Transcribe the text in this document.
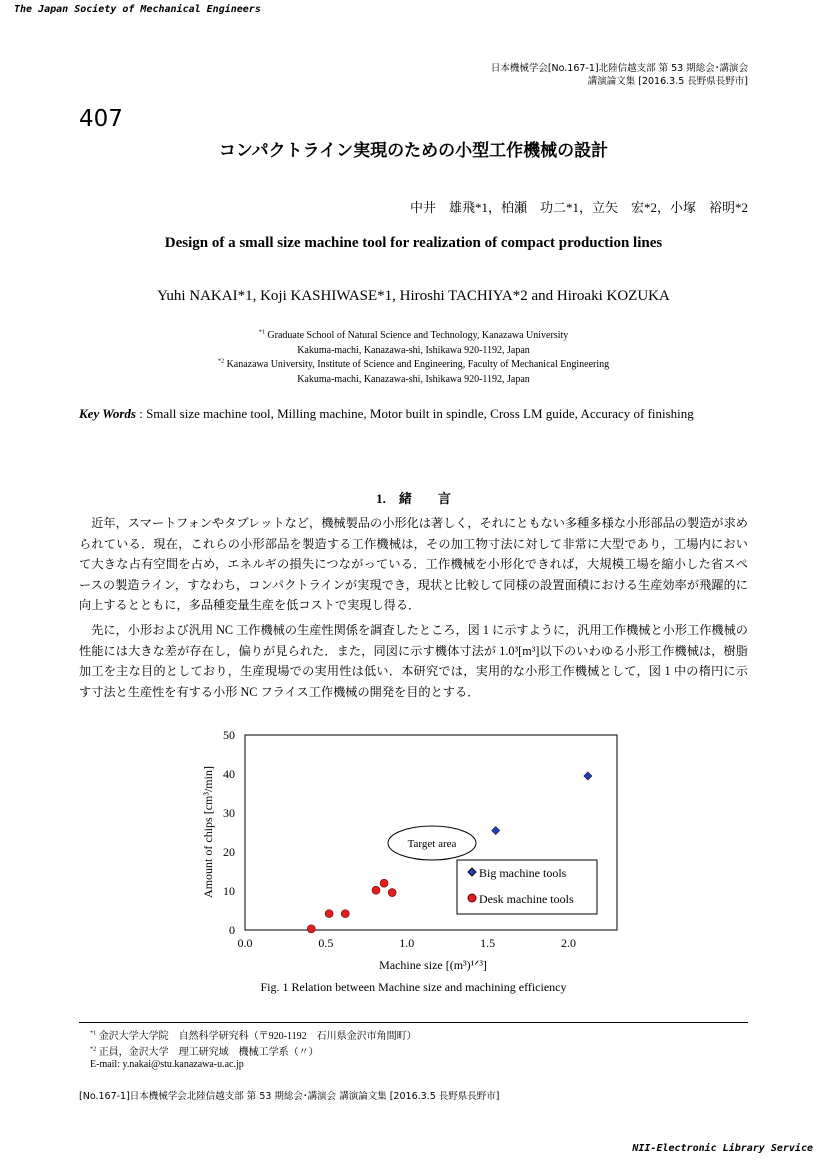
The Japan Society of Mechanical Engineers
日本機械学会[No.167-1]北陸信越支部 第 53 期総会･講演会
講演論文集 [2016.3.5 長野県長野市]
407
コンパクトライン実現のための小型工作機械の設計
中井　雄飛*1，柏瀬　功二*1，立矢　宏*2，小塚　裕明*2
Design of a small size machine tool for realization of compact production lines
Yuhi NAKAI*1, Koji KASHIWASE*1, Hiroshi TACHIYA*2 and Hiroaki KOZUKA
$^{*1}$ Graduate School of Natural Science and Technology, Kanazawa University
Kakuma-machi, Kanazawa-shi, Ishikawa 920-1192, Japan
$^{*2}$ Kanazawa University, Institute of Science and Engineering, Faculty of Mechanical Engineering
Kakuma-machi, Kanazawa-shi, Ishikawa 920-1192, Japan
Key Words : Small size machine tool, Milling machine, Motor built in spindle, Cross LM guide, Accuracy of finishing
1.　緒　　言
　近年，スマートフォンやタブレットなど，機械製品の小形化は著しく，それにともない多種多様な小形部品の製造が求められている．現在，これらの小形部品を製造する工作機械は，その加工物寸法に対して非常に大型であり，工場内において大きな占有空間を占め，エネルギの損失につながっている．工作機械を小形化できれば，大規模工場を縮小した省スペースの製造ライン，すなわち，コンパクトラインが実現でき，現状と比較して同様の設置面積における生産効率が飛躍的に向上するとともに，多品種変量生産を低コストで実現し得る．
　先に，小形および汎用 NC 工作機械の生産性関係を調査したところ，図 1 に示すように，汎用工作機械と小形工作機械の性能には大きな差が存在し，偏りが見られた．また，同図に示す機体寸法が 1.0³[m³]以下のいわゆる小形工作機械は，樹脂加工を主な目的としており，生産現場での実用性は低い．本研究では，実用的な小形工作機械として，図 1 中の楕円に示す寸法と生産性を有する小形 NC フライス工作機械の開発を目的とする．
0
10
20
30
40
50
0.0	0.5	1.0	1.5	2.0
Amount of chips [cm³/min]
Machine size [(m³)¹ᐟ³]
Target area
Big machine tools
Desk machine tools
Fig. 1 Relation between Machine size and machining efficiency
$^{*1}$ 金沢大学大学院　自然科学研究科（〒920-1192　石川県金沢市角間町）
$^{*2}$ 正員，金沢大学　理工研究域　機械工学系（〃）
E-mail: y.nakai@stu.kanazawa-u.ac.jp
[No.167-1]日本機械学会北陸信越支部 第 53 期総会･講演会 講演論文集 [2016.3.5 長野県長野市]
NII-Electronic Library Service
